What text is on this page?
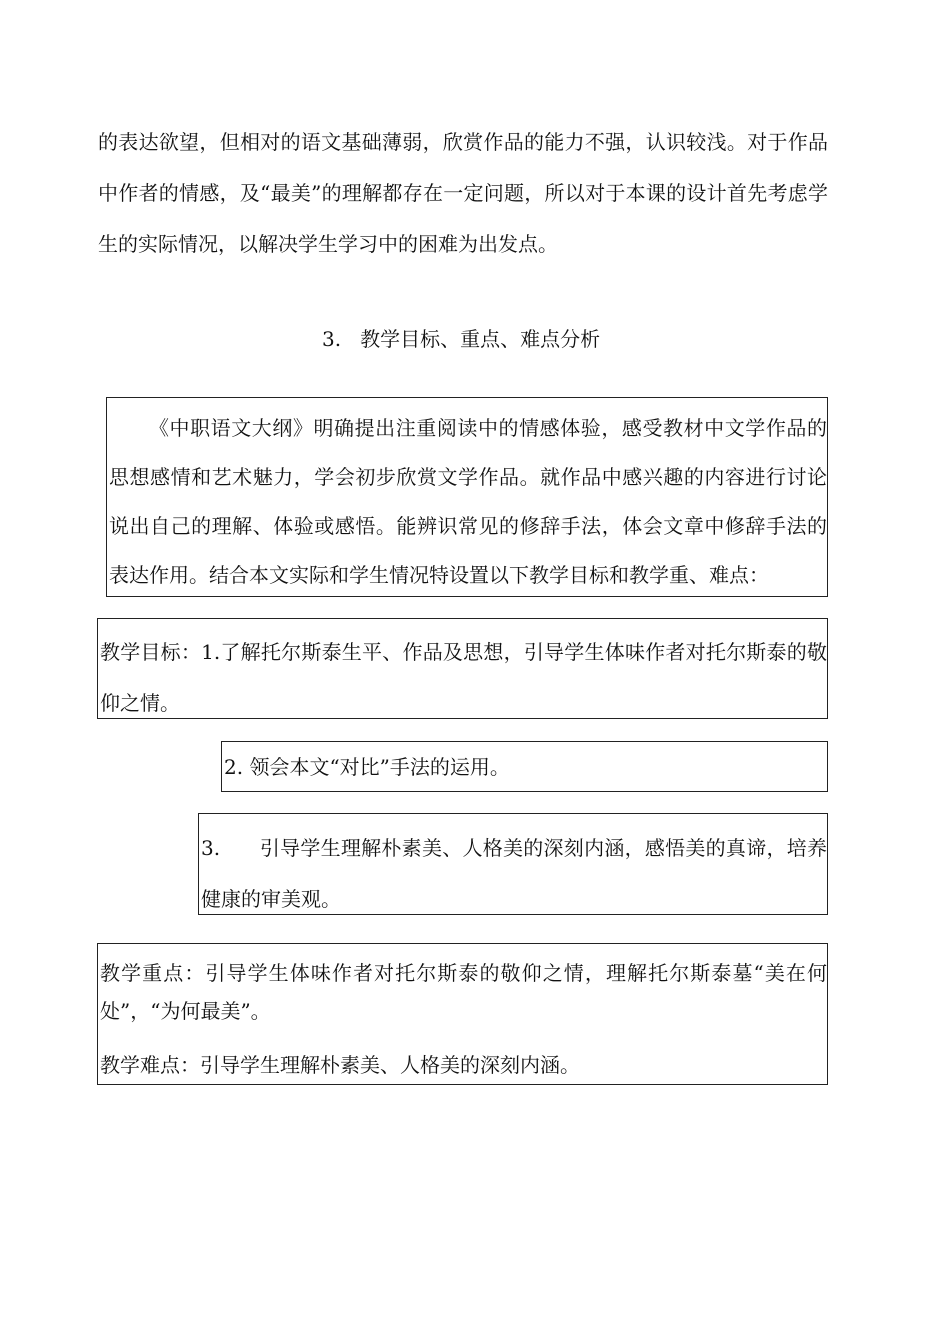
的表达欲望，但相对的语文基础薄弱，欣赏作品的能力不强，认识较浅。对于作品中作者的情感，及“最美”的理解都存在一定问题，所以对于本课的设计首先考虑学生的实际情况，以解决学生学习中的困难为出发点。

3.   教学目标、重点、难点分析

《中职语文大纲》明确提出注重阅读中的情感体验，感受教材中文学作品的思想感情和艺术魅力，学会初步欣赏文学作品。就作品中感兴趣的内容进行讨论说出自己的理解、体验或感悟。能辨识常见的修辞手法，体会文章中修辞手法的表达作用。结合本文实际和学生情况特设置以下教学目标和教学重、难点：

教学目标：1.了解托尔斯泰生平、作品及思想，引导学生体味作者对托尔斯泰的敬仰之情。

2. 领会本文“对比”手法的运用。

3.      引导学生理解朴素美、人格美的深刻内涵，感悟美的真谛，培养健康的审美观。

教学重点：引导学生体味作者对托尔斯泰的敬仰之情，理解托尔斯泰墓“美在何处”，“为何最美”。

教学难点：引导学生理解朴素美、人格美的深刻内涵。
